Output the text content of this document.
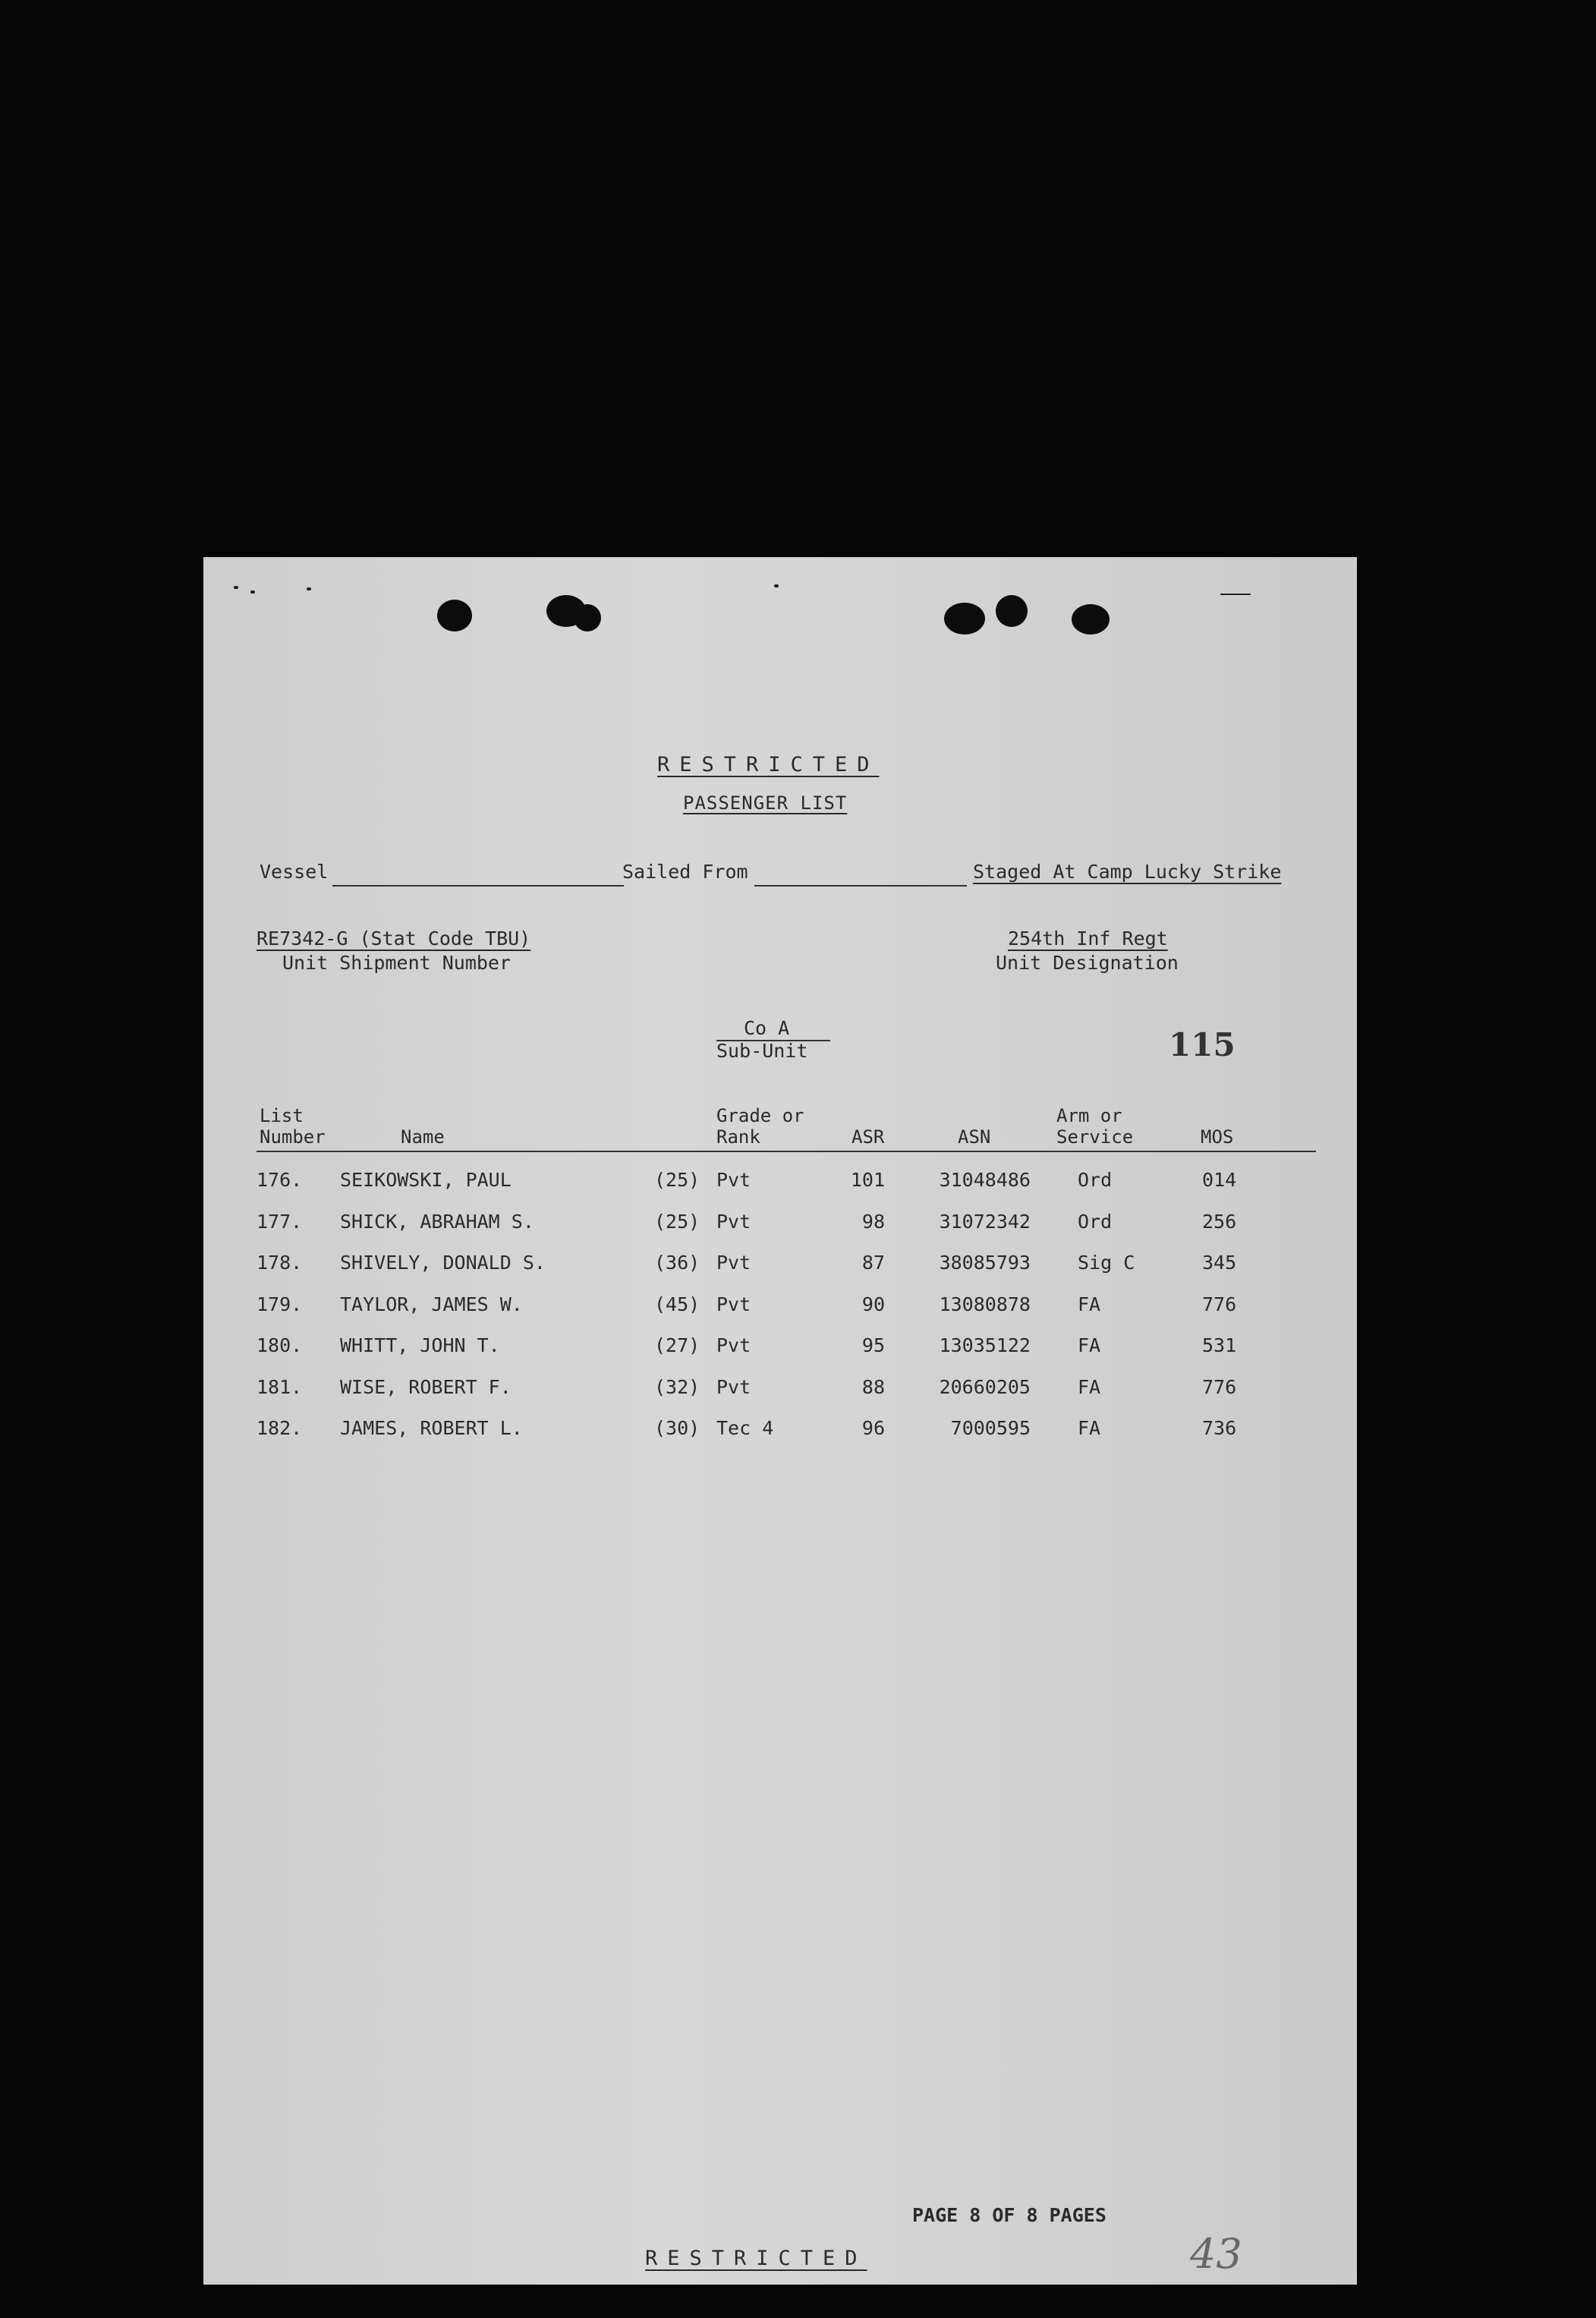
RESTRICTED
PASSENGER LIST
Vessel	Sailed From	Staged At Camp Lucky Strike
RE7342-G (Stat Code TBU)
Unit Shipment Number
254th Inf Regt
Unit Designation
Co A
Sub-Unit	115
List
Number	Name
Grade or
Rank	ASR	ASN
Arm or
Service	MOS
176. SEIKOWSKI, PAUL	(25) Pvt	101	31048486 Ord	014
177. SHICK, ABRAHAM S.	(25) Pvt	98	31072342 Ord	256
178. SHIVELY, DONALD S.	(36) Pvt	87	38085793 Sig C	345
179. TAYLOR, JAMES W.	(45) Pvt	90	13080878 FA	776
180. WHITT, JOHN T.	(27) Pvt	95	13035122 FA	531
181. WISE, ROBERT F.	(32) Pvt	88	20660205 FA	776
182. JAMES, ROBERT L.	(30) Tec 4	96	7000595 FA	736
PAGE 8 OF 8 PAGES
RESTRICTED	43
